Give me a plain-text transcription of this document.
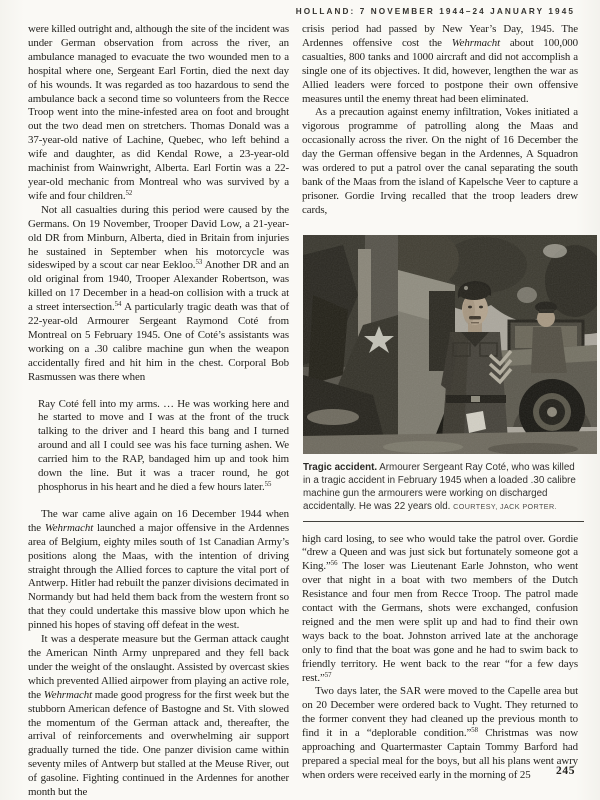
HOLLAND: 7 NOVEMBER 1944–24 JANUARY 1945

were killed outright and, although the site of the incident was under German observation from across the river, an ambulance managed to evacuate the two wounded men to a hospital where one, Sergeant Earl Fortin, died the next day of his wounds. It was regarded as too hazardous to send the ambulance back a second time so volunteers from the Recce Troop went into the mine-infested area on foot and brought out the two dead men on stretchers. Thomas Donald was a 37-year-old native of Lachine, Quebec, who left behind a wife and daughter, as did Kendal Rowe, a 23-year-old machinist from Wainwright, Alberta. Earl Fortin was a 22-year-old mechanic from Montreal who was survived by a wife and four children.$^{52}$

Not all casualties during this period were caused by the Germans. On 19 November, Trooper David Low, a 21-year-old DR from Minburn, Alberta, died in Britain from injuries he sustained in September when his motorcycle was sideswiped by a scout car near Eekloo.$^{53}$ Another DR and an old original from 1940, Trooper Alexander Robertson, was killed on 17 December in a head-on collision with a truck at a street intersection.$^{54}$ A particularly tragic death was that of 22-year-old Armourer Sergeant Raymond Coté from Montreal on 5 February 1945. One of Coté’s assistants was working on a .30 calibre machine gun when the weapon accidentally fired and hit him in the chest. Corporal Bob Rasmussen was there when

Ray Coté fell into my arms. … He was working here and he started to move and I was at the front of the truck talking to the driver and I heard this bang and I turned around and all I could see was his face turning ashen. We carried him to the RAP, bandaged him up and took him down the line. But it was a tracer round, he got phosphorus in his heart and he died a few hours later.$^{55}$

The war came alive again on 16 December 1944 when the Wehrmacht launched a major offensive in the Ardennes area of Belgium, eighty miles south of 1st Canadian Army’s positions along the Maas, with the intention of driving straight through the Allied forces to capture the vital port of Antwerp. Hitler had rebuilt the panzer divisions decimated in Normandy but had held them back from the western front so that they could undertake this massive blow upon which he pinned his hopes of staving off defeat in the west.

It was a desperate measure but the German attack caught the American Ninth Army unprepared and they fell back under the weight of the onslaught. Assisted by overcast skies which prevented Allied airpower from playing an active role, the Wehrmacht made good progress for the first week but the stubborn American defence of Bastogne and St. Vith slowed the momentum of the German attack and, thereafter, the arrival of reinforcements and overwhelming air support gradually turned the tide. One panzer division came within seventy miles of Antwerp but stalled at the Meuse River, out of gasoline. Fighting continued in the Ardennes for another month but the

crisis period had passed by New Year’s Day, 1945. The Ardennes offensive cost the Wehrmacht about 100,000 casualties, 800 tanks and 1000 aircraft and did not accomplish a single one of its objectives. It did, however, lengthen the war as Allied leaders were forced to postpone their own offensive measures until the enemy threat had been eliminated.

As a precaution against enemy infiltration, Vokes initiated a vigorous programme of patrolling along the Maas and occasionally across the river. On the night of 16 December the day the German offensive began in the Ardennes, A Squadron was ordered to put a patrol over the canal separating the south bank of the Maas from the island of Kapelsche Veer to capture a prisoner. Gordie Irving recalled that the troop leaders drew cards,

Tragic accident. Armourer Sergeant Ray Coté, who was killed in a tragic accident in February 1945 when a loaded .30 calibre machine gun the armourers were working on discharged accidentally. He was 22 years old. COURTESY, JACK PORTER.

high card losing, to see who would take the patrol over. Gordie “drew a Queen and was just sick but fortunately someone got a King.”$^{56}$ The loser was Lieutenant Earle Johnston, who went over that night in a boat with two members of the Dutch Resistance and four men from Recce Troop. The patrol made contact with the Germans, shots were exchanged, confusion reigned and the men were split up and had to find their own ways back to the boat. Johnston arrived late at the anchorage only to find that the boat was gone and he had to swim back to friendly territory. He went back to the rear “for a few days rest.”$^{57}$

Two days later, the SAR were moved to the Capelle area but on 20 December were ordered back to Vught. They returned to the former convent they had cleaned up the previous month to find it in a “deplorable condition.”$^{58}$ Christmas was now approaching and Quartermaster Captain Tommy Barford had prepared a special meal for the boys, but all his plans went awry when orders were received early in the morning of 25	245
